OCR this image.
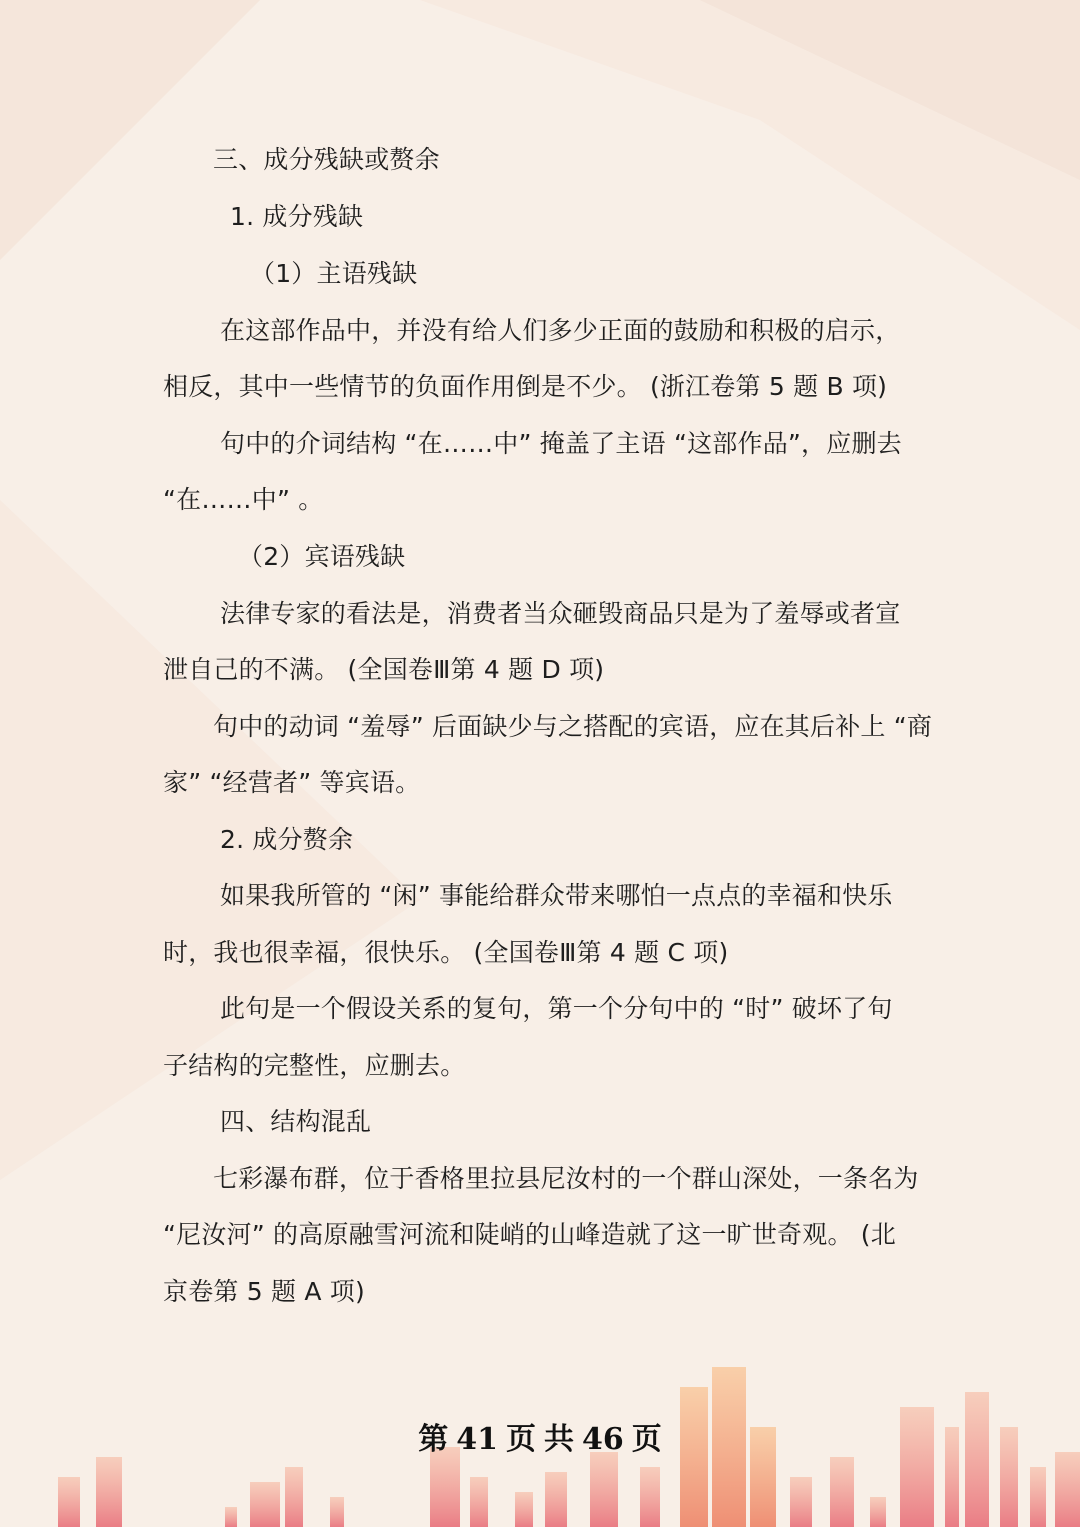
三、成分残缺或赘余
1. 成分残缺
（1）主语残缺
在这部作品中，并没有给人们多少正面的鼓励和积极的启示，
相反，其中一些情节的负面作用倒是不少。 (浙江卷第 5 题 B 项)
句中的介词结构 “在……中” 掩盖了主语 “这部作品”，应删去
“在……中” 。
（2）宾语残缺
法律专家的看法是，消费者当众砸毁商品只是为了羞辱或者宣
泄自己的不满。 (全国卷Ⅲ第 4 题 D 项)
句中的动词 “羞辱” 后面缺少与之搭配的宾语，应在其后补上 “商
家” “经营者” 等宾语。
2. 成分赘余
如果我所管的 “闲” 事能给群众带来哪怕一点点的幸福和快乐
时，我也很幸福，很快乐。 (全国卷Ⅲ第 4 题 C 项)
此句是一个假设关系的复句，第一个分句中的 “时” 破坏了句
子结构的完整性，应删去。
四、结构混乱
七彩瀑布群，位于香格里拉县尼汝村的一个群山深处，一条名为
“尼汝河” 的高原融雪河流和陡峭的山峰造就了这一旷世奇观。 (北
京卷第 5 题 A 项)
第 41 页 共 46 页
